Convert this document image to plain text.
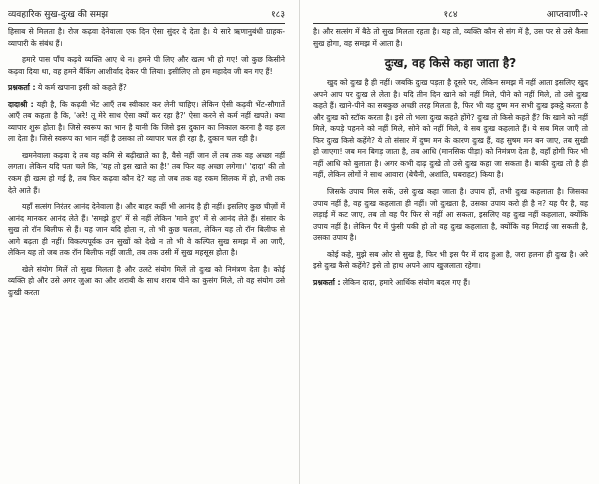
व्यवहारिक सुख-दुःख की समझ	१८३

हिसाब से मिलता है। रोज कढ़वा देनेवाला एक दिन ऐसा सुंदर दे देता है। ये सारे ऋणानुबंधी ग्राहक-व्यापारी के संबंध हैं।

हमारे पास पाँच कढ़वे व्यक्ति आए थे न। हमने पी लिए और खत्म भी हो गए! जो कुछ किसीने कढ़वा दिया था, वह हमने बैंकिंग आशीर्वाद देकर पी लिया। इसीलिए तो हम महादेव जी बन गए हैं!

प्रश्नकर्ता : ये कर्म खपाना इसी को कहते हैं?

दादाश्री : यही है, कि कढ़वी भेंट आएँ तब स्वीकार कर लेनी चाहिए। लेकिन ऐसी कढ़वी भेंट-सौगातें आएँ तब कहता है कि, 'अरे! तू मेरे साथ ऐसा क्यों कर रहा है?' ऐसा करने से कर्म नहीं खपते। क्या व्यापार शुरू होता है। जिसे स्वरूप का भान है यानी कि जिसे इस दुकान का निकाल करना है वह हल ला देता है। जिसे स्वरूप का भान नहीं है उसका तो व्यापार चल ही रहा है, दुकान चल रही है।

खमनेवाला कढ़वा दे तब वह कमि से बढ़ीखाते का है, वैसे नहीं जान लें तब तक वह अच्छा नहीं लगता। लेकिन यदि पता चले कि, 'यह तो इस खाते का है!' तब फिर वह अच्छा लगेगा।' 'दादा' की तो रकम ही खत्म हो गई है, तब फिर कढ़वा कौन दे? यह तो जब तक वह रकम सिलक में हो, तभी तक देते आते हैं।

यहाँ सत्संग निरंतर आनंद देनेवाला है। और बाहर कहीं भी आनंद है ही नहीं। इसलिए कुछ चीज़ों में आनंद मानकर आनंद लेते हैं। 'समझे हुए' में से नहीं लेकिन 'माने हुए' में से आनंद लेते हैं। संसार के सुख तो रॉन बिलीफ से हैं। यह जान यदि होता न, तो भी कुछ चलता, लेकिन यह तो रॉन बिलीफ से आगे बढ़ता ही नहीं। विकल्पपूर्वक उन सुखों को देखे न तो भी वे कल्पित सुख समझ में आ जाएँ, लेकिन यह तो जब तक रॉन बिलीफ नहीं जाती, तब तक उसी में सुख महसूस होता है।

खेले संयोग मिलें तो सुख मिलता है और उलटे संयोग मिलें तो दुःख को निमंत्रण देता है। कोई व्यक्ति हो और उसे अगर जुआ का और शराबी के साथ शराब पीने का कुसंग मिले, तो वह संयोग उसे दुःखी करता

१८४	आप्तवाणी-२

है। और सत्संग में बैठे तो सुख मिलता रहता है। यह तो, व्यक्ति कौन से संग में है, उस पर से उसे कैसा सुख होगा, वह समझ में आता है।

दुःख, वह किसे कहा जाता है?

खुद को दुःख है ही नहीं। जबकि दुःख पड़ता है दूसरे पर, लेकिन समझ में नहीं आता इसलिए खुद अपने आप पर दुःख ले लेता है। यदि तीन दिन खाने को नहीं मिले, पीने को नहीं मिले, तो उसे दुःख कहते हैं। खाने-पीने का सबकुछ अच्छी तरह मिलता है, फिर भी वह दुष्म मन सभी दुःख इकट्ठे करता है और दुःख को स्टॉक करता है। इसे तो भला दुःख कहते होंगे? दुःख तो किसे कहते हैं? कि खाने को नहीं मिले, कपड़े पहनने को नहीं मिले, सोने को नहीं मिले, वे सब दुःख कहलाते हैं। ये सब मिल जाएँ तो फिर दुःख किसे कहेंगे? ये तो संसार में दुष्म मन के कारण दुःख हैं, वह सुषम मन बन जाए, तब सुखी हो जाएगा! जब मन बिगड़ जाता है, तब आधि (मानसिक पीड़ा) को निमंत्रण देता है, वहाँ होगी फिर भी नहीं आधि को बुलाता है। अगर कभी दाढ़ दुःखे तो उसे दुःख कहा जा सकता है। बाकी दुःख तो है ही नहीं, लेकिन लोगों ने साथ आवारा (बेचैनी, अशांति, घबराहट) किया है।

जिसके उपाय मिल सकें, उसे दुःख कहा जाता है। उपाय हों, तभी दुःख कहलाता है। जिसका उपाय नहीं है, वह दुःख कहलाता ही नहीं। जो दुःखता है, उसका उपाय करो ही है न? यह पैर है, वह लड़ाई में कट जाए, तब तो वह पैर फिर से नहीं आ सकता, इसलिए वह दुःख नहीं कहलाता, क्योंकि उपाय नहीं है। लेकिन पैर में फुंसी पकी हो तो वह दुःख कहलाता है, क्योंकि वह मिटाई जा सकती है, उसका उपाय है।

कोई कहे, मुझे सब ओर से सुख है, फिर भी इस पैर में दाद हुआ है, जरा हलना ही दुःख है। अरे इसे दुःख कैसे कहेंगे? इसे तो हाथ अपने आप खुजलाता रहेगा।

प्रश्नकर्ता : लेकिन दादा, हमारे आर्थिक संयोग बदल गए हैं।
